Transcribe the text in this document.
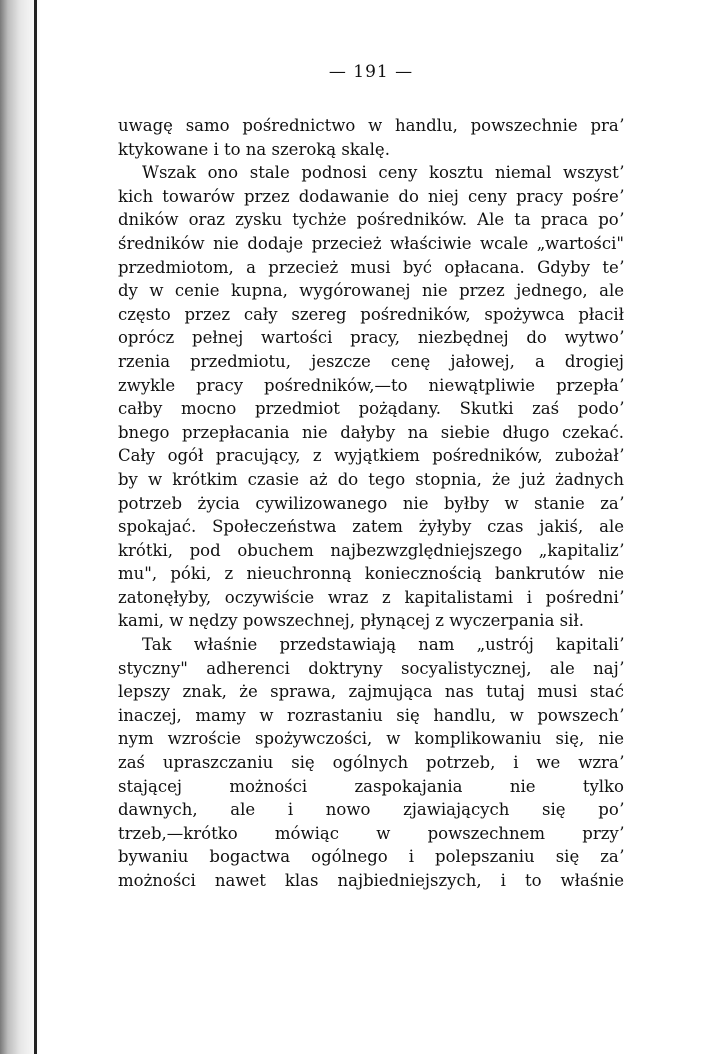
— 191 —
uwagę samo pośrednictwo w handlu, powszechnie praʼ
ktykowane i to na szeroką skalę.
Wszak ono stale podnosi ceny kosztu niemal wszystʼ
kich towarów przez dodawanie do niej ceny pracy pośreʼ
dników oraz zysku tychże pośredników. Ale ta praca poʼ
średników nie dodaje przecież właściwie wcale „wartości"
przedmiotom, a przecież musi być opłacana. Gdyby teʼ
dy w cenie kupna, wygórowanej nie przez jednego, ale
często przez cały szereg pośredników, spożywca płacił
oprócz pełnej wartości pracy, niezbędnej do wytwoʼ
rzenia przedmiotu, jeszcze cenę jałowej, a drogiej
zwykle pracy pośredników,—to niewątpliwie przepłaʼ
całby mocno przedmiot pożądany. Skutki zaś podoʼ
bnego przepłacania nie dałyby na siebie długo czekać.
Cały ogół pracujący, z wyjątkiem pośredników, zubożałʼ
by w krótkim czasie aż do tego stopnia, że już żadnych
potrzeb życia cywilizowanego nie byłby w stanie zaʼ
spokajać. Społeczeństwa zatem żyłyby czas jakiś, ale
krótki, pod obuchem najbezwzględniejszego „kapitalizʼ
mu", póki, z nieuchronną koniecznością bankrutów nie
zatonęłyby, oczywiście wraz z kapitalistami i pośredniʼ
kami, w nędzy powszechnej, płynącej z wyczerpania sił.
Tak właśnie przedstawiają nam „ustrój kapitaliʼ
styczny" adherenci doktryny socyalistycznej, ale najʼ
lepszy znak, że sprawa, zajmująca nas tutaj musi stać
inaczej, mamy w rozrastaniu się handlu, w powszechʼ
nym wzroście spożywczości, w komplikowaniu się, nie
zaś upraszczaniu się ogólnych potrzeb, i we wzraʼ
stającej możności zaspokajania nie tylko
dawnych, ale i nowo zjawiających się poʼ
trzeb,—krótko mówiąc w powszechnem przyʼ
bywaniu bogactwa ogólnego i polepszaniu się zaʼ
możności nawet klas najbiedniejszych, i to właśnie
